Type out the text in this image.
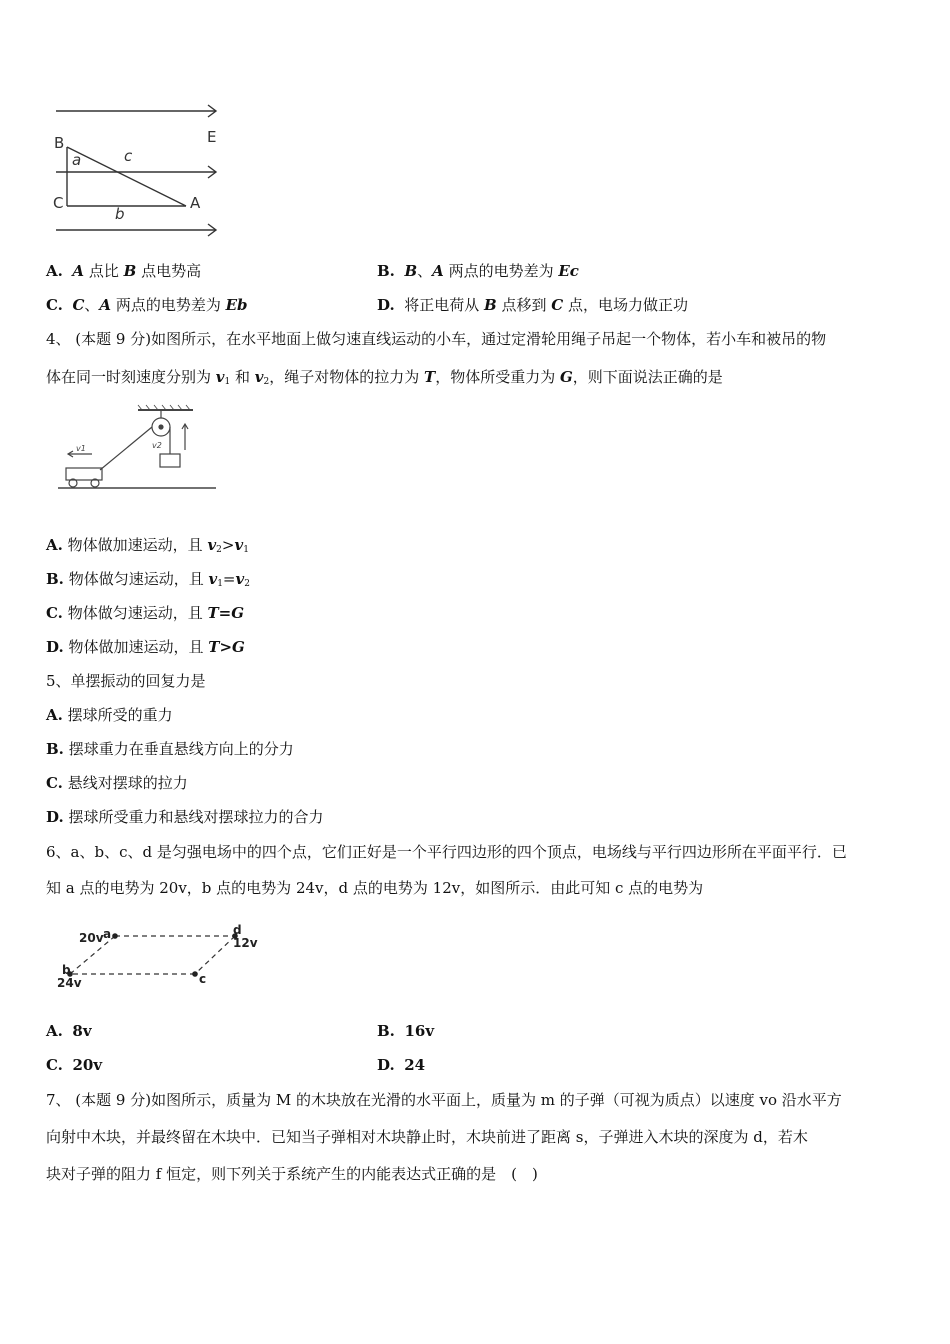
B	E
a	c
C
b
A
A. A 点比 B 点电势高	B. B、A 两点的电势差为 Ec
C. C、A 两点的电势差为 Eb	D. 将正电荷从 B 点移到 C 点，电场力做正功
4、 (本题 9 分)如图所示，在水平地面上做匀速直线运动的小车，通过定滑轮用绳子吊起一个物体，若小车和被吊的物
体在同一时刻速度分别为 $v_1$ 和 $v_2$，绳子对物体的拉力为 T，物体所受重力为 G，则下面说法正确的是
v1	v2
A. 物体做加速运动，且 $v_2>v_1$
B. 物体做匀速运动，且 $v_1=v_2$
C. 物体做匀速运动，且 T=G
D. 物体做加速运动，且 T>G
5、单摆振动的回复力是
A. 摆球所受的重力
B. 摆球重力在垂直悬线方向上的分力
C. 悬线对摆球的拉力
D. 摆球所受重力和悬线对摆球拉力的合力
6、a、b、c、d 是匀强电场中的四个点，它们正好是一个平行四边形的四个顶点，电场线与平行四边形所在平面平行．已
知 a 点的电势为 20v，b 点的电势为 24v，d 点的电势为 12v，如图所示．由此可知 c 点的电势为
20v a	d
12v
b
24v	c
A. 8v	B. 16v
C. 20v	D. 24
7、 (本题 9 分)如图所示，质量为 M 的木块放在光滑的水平面上，质量为 m 的子弹（可视为质点）以速度 vo 沿水平方
向射中木块，并最终留在木块中．已知当子弹相对木块静止时，木块前进了距离 s，子弹进入木块的深度为 d，若木
块对子弹的阻力 f 恒定，则下列关于系统产生的内能表达式正确的是　(　)
